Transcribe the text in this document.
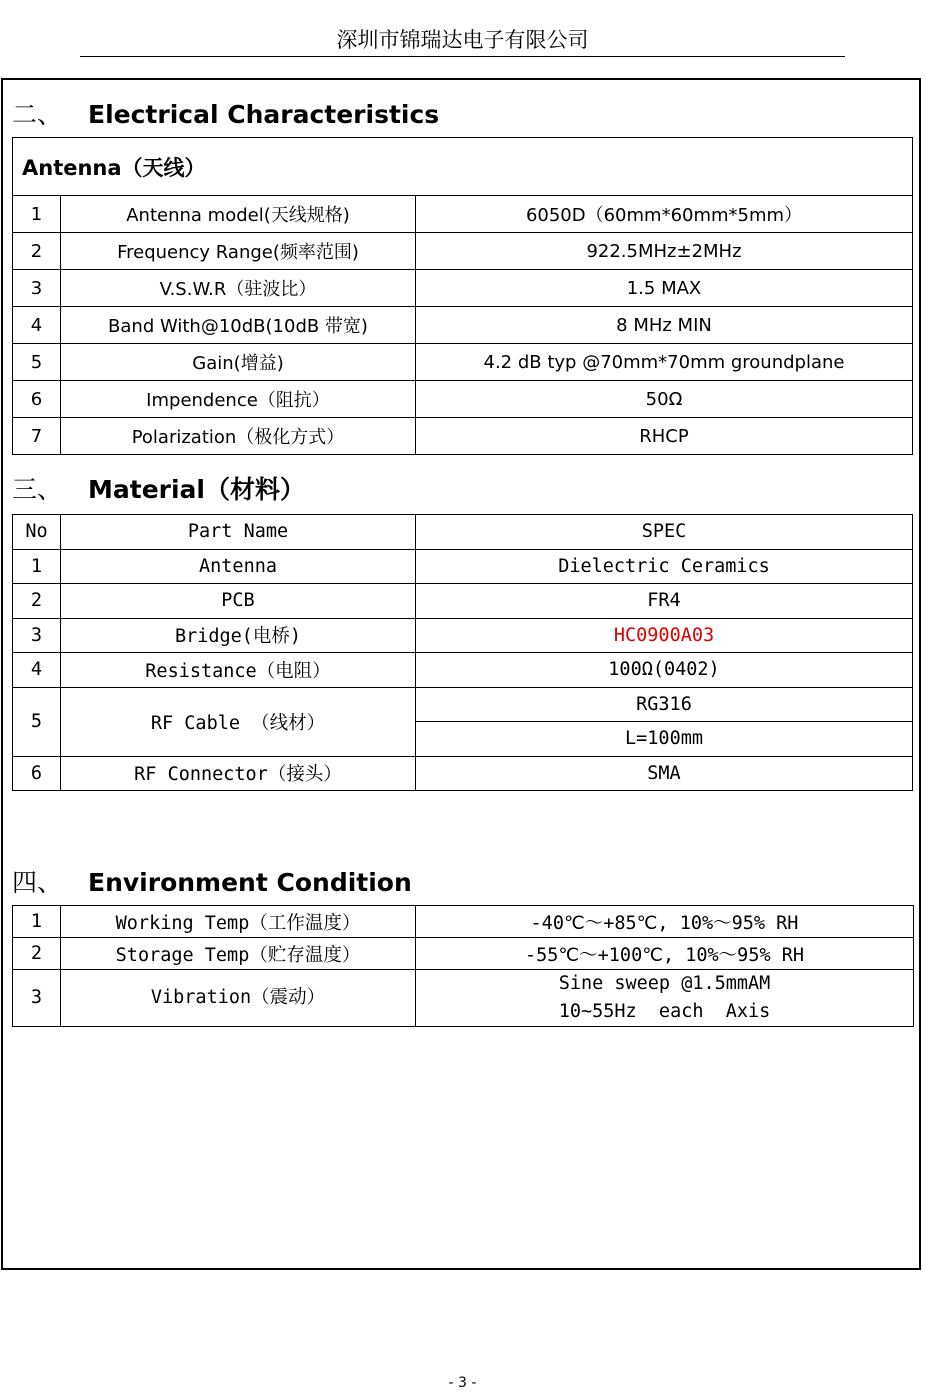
深圳市锦瑞达电子有限公司
二、 Electrical Characteristics
Antenna（天线）		
1	Antenna model(天线规格)	6050D（60mm*60mm*5mm）
2	Frequency Range(频率范围)	922.5MHz±2MHz
3	V.S.W.R（驻波比）	1.5 MAX
4	Band With@10dB(10dB 带宽)	8 MHz MIN
5	Gain(增益)	4.2 dB typ @70mm*70mm groundplane
6	Impendence（阻抗）	50Ω
7	Polarization（极化方式）	RHCP
三、 Material（材料）
No	Part Name	SPEC
1	Antenna	Dielectric Ceramics
2	PCB	FR4
3	Bridge(电桥)	HC0900A03
4	Resistance（电阻）	100Ω(0402)
5	RF Cable （线材）	RG316
		L=100mm
6	RF Connector（接头）	SMA
四、 Environment Condition
1	Working Temp（工作温度）	-40℃～+85℃, 10%～95% RH
2	Storage Temp（贮存温度）	-55℃～+100℃, 10%～95% RH
3	Vibration（震动）	Sine sweep @1.5mmAM
10~55Hz  each  Axis
- 3 -
